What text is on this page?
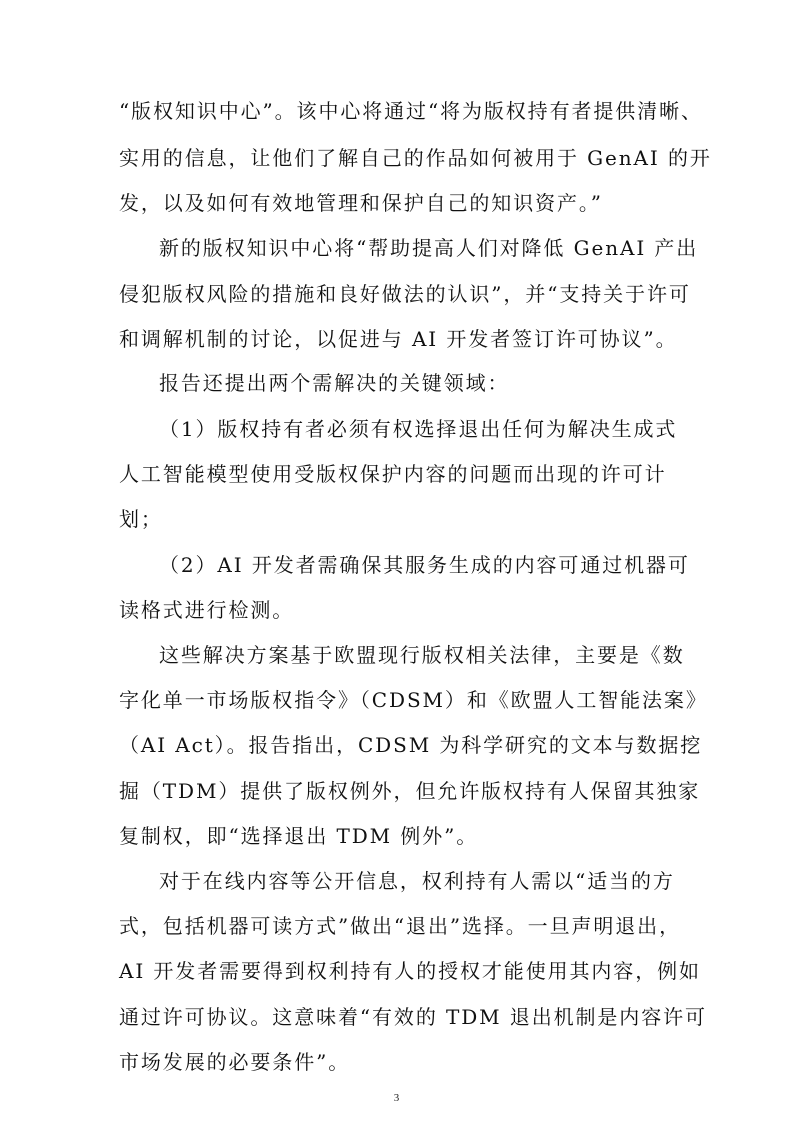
“版权知识中心”。该中心将通过“将为版权持有者提供清晰、

实用的信息，让他们了解自己的作品如何被用于 GenAI 的开

发，以及如何有效地管理和保护自己的知识资产。”

新的版权知识中心将“帮助提高人们对降低 GenAI 产出

侵犯版权风险的措施和良好做法的认识”，并“支持关于许可

和调解机制的讨论，以促进与 AI 开发者签订许可协议”。

报告还提出两个需解决的关键领域：

（1）版权持有者必须有权选择退出任何为解决生成式

人工智能模型使用受版权保护内容的问题而出现的许可计

划；

（2）AI 开发者需确保其服务生成的内容可通过机器可

读格式进行检测。

这些解决方案基于欧盟现行版权相关法律，主要是《数

字化单一市场版权指令》（CDSM）和《欧盟人工智能法案》

（AI Act）。报告指出，CDSM 为科学研究的文本与数据挖

掘（TDM）提供了版权例外，但允许版权持有人保留其独家

复制权，即“选择退出 TDM 例外”。

对于在线内容等公开信息，权利持有人需以“适当的方

式，包括机器可读方式”做出“退出”选择。一旦声明退出，

AI 开发者需要得到权利持有人的授权才能使用其内容，例如

通过许可协议。这意味着“有效的 TDM 退出机制是内容许可

市场发展的必要条件”。

3
